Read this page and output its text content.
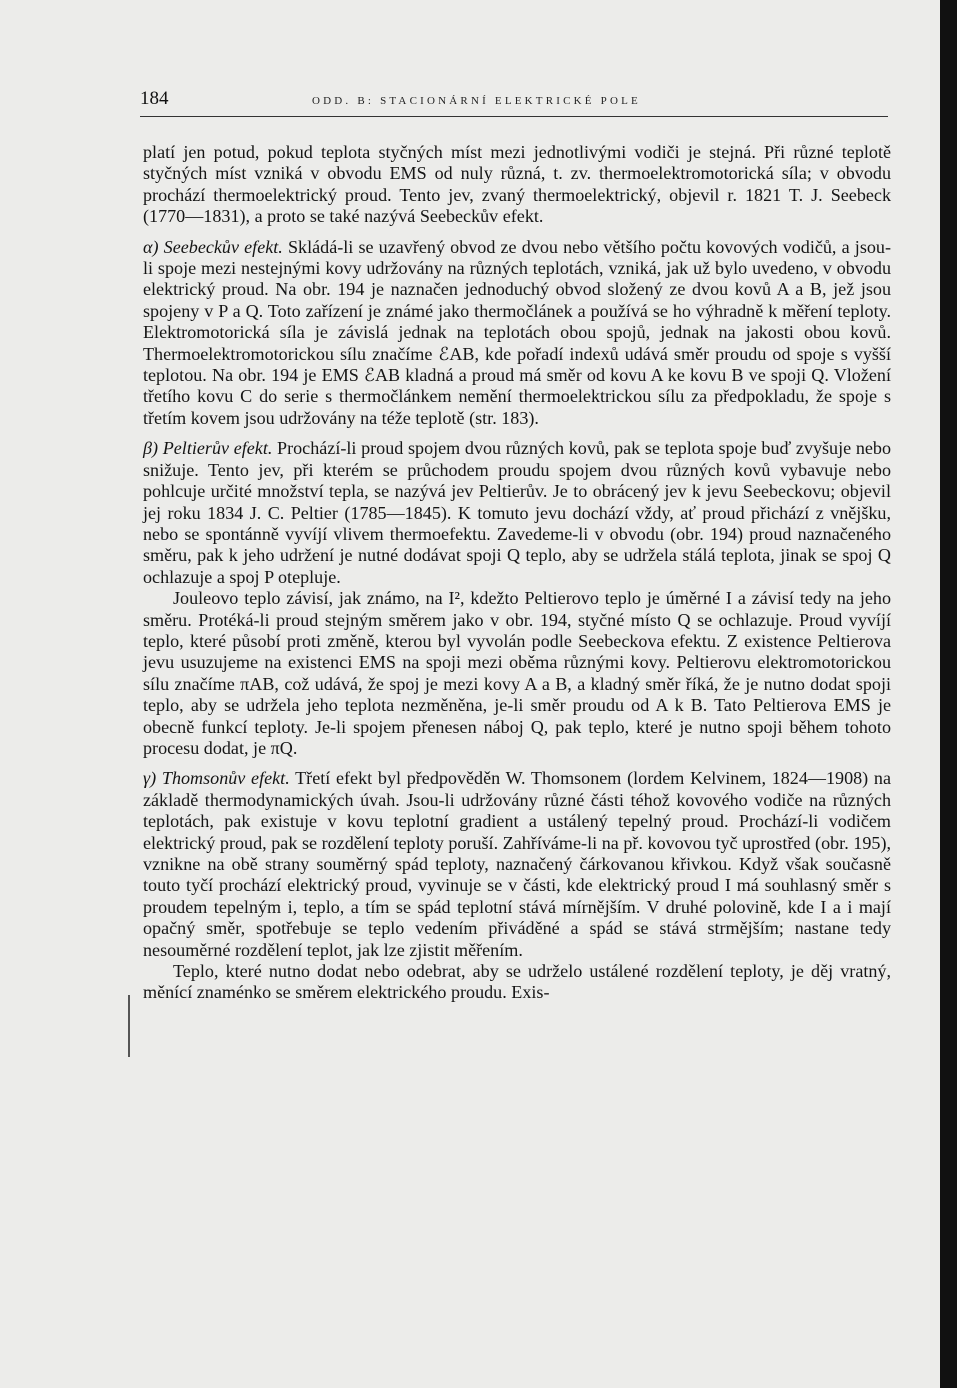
184	ODD. B: STACIONÁRNÍ ELEKTRICKÉ POLE

platí jen potud, pokud teplota styčných míst mezi jednotlivými vodiči je stejná. Při různé teplotě styčných míst vzniká v obvodu EMS od nuly různá, t. zv. thermoelektromotorická síla; v obvodu prochází thermoelektrický proud. Tento jev, zvaný thermoelektrický, objevil r. 1821 T. J. Seebeck (1770—1831), a proto se také nazývá Seebeckův efekt.

α) Seebeckův efekt. Skládá-li se uzavřený obvod ze dvou nebo většího počtu kovových vodičů, a jsou-li spoje mezi nestejnými kovy udržovány na různých teplotách, vzniká, jak už bylo uvedeno, v obvodu elektrický proud. Na obr. 194 je naznačen jednoduchý obvod složený ze dvou kovů A a B, jež jsou spojeny v P a Q. Toto zařízení je známé jako thermočlánek a používá se ho výhradně k měření teploty. Elektromotorická síla je závislá jednak na teplotách obou spojů, jednak na jakosti obou kovů. Thermoelektromotorickou sílu značíme ℰAB, kde pořadí indexů udává směr proudu od spoje s vyšší teplotou. Na obr. 194 je EMS ℰAB kladná a proud má směr od kovu A ke kovu B ve spoji Q. Vložení třetího kovu C do serie s thermočlánkem nemění thermoelektrickou sílu za předpokladu, že spoje s třetím kovem jsou udržovány na téže teplotě (str. 183).

β) Peltierův efekt. Prochází-li proud spojem dvou různých kovů, pak se teplota spoje buď zvyšuje nebo snižuje. Tento jev, při kterém se průchodem proudu spojem dvou různých kovů vybavuje nebo pohlcuje určité množství tepla, se nazývá jev Peltierův. Je to obrácený jev k jevu Seebeckovu; objevil jej roku 1834 J. C. Peltier (1785—1845). K tomuto jevu dochází vždy, ať proud přichází z vnějšku, nebo se spontánně vyvíjí vlivem thermoefektu. Zavedeme-li v obvodu (obr. 194) proud naznačeného směru, pak k jeho udržení je nutné dodávat spoji Q teplo, aby se udržela stálá teplota, jinak se spoj Q ochlazuje a spoj P otepluje.

Jouleovo teplo závisí, jak známo, na I², kdežto Peltierovo teplo je úměrné I a závisí tedy na jeho směru. Protéká-li proud stejným směrem jako v obr. 194, styčné místo Q se ochlazuje. Proud vyvíjí teplo, které působí proti změně, kterou byl vyvolán podle Seebeckova efektu. Z existence Peltierova jevu usuzujeme na existenci EMS na spoji mezi oběma různými kovy. Peltierovu elektromotorickou sílu značíme πAB, což udává, že spoj je mezi kovy A a B, a kladný směr říká, že je nutno dodat spoji teplo, aby se udržela jeho teplota nezměněna, je-li směr proudu od A k B. Tato Peltierova EMS je obecně funkcí teploty. Je-li spojem přenesen náboj Q, pak teplo, které je nutno spoji během tohoto procesu dodat, je πQ.

γ) Thomsonův efekt. Třetí efekt byl předpověděn W. Thomsonem (lordem Kelvinem, 1824—1908) na základě thermodynamických úvah. Jsou-li udržovány různé části téhož kovového vodiče na různých teplotách, pak existuje v kovu teplotní gradient a ustálený tepelný proud. Prochází-li vodičem elektrický proud, pak se rozdělení teploty poruší. Zahříváme-li na př. kovovou tyč uprostřed (obr. 195), vznikne na obě strany souměrný spád teploty, naznačený čárkovanou křivkou. Když však současně touto tyčí prochází elektrický proud, vyvinuje se v části, kde elektrický proud I má souhlasný směr s proudem tepelným i, teplo, a tím se spád teplotní stává mírnějším. V druhé polovině, kde I a i mají opačný směr, spotřebuje se teplo vedením přiváděné a spád se stává strmějším; nastane tedy nesouměrné rozdělení teplot, jak lze zjistit měřením.

Teplo, které nutno dodat nebo odebrat, aby se udrželo ustálené rozdělení teploty, je děj vratný, měnící znaménko se směrem elektrického proudu. Exis-
